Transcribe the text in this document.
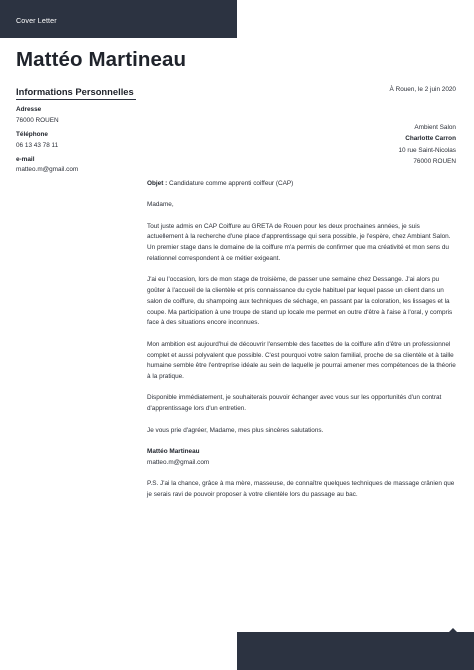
Cover Letter
Mattéo Martineau
Informations Personnelles
Adresse
76000 ROUEN
Téléphone
06 13 43 78 11
e-mail
matteo.m@gmail.com
À Rouen, le 2 juin 2020
Ambient Salon
Charlotte Carron
10 rue Saint-Nicolas
76000 ROUEN

Objet : Candidature comme apprenti coiffeur (CAP)

Madame,

Tout juste admis en CAP Coiffure au GRETA de Rouen pour les deux prochaines années, je suis actuellement à la recherche d'une place d'apprentissage qui sera possible, je l'espère, chez Ambiant Salon. Un premier stage dans le domaine de la coiffure m'a permis de confirmer que ma créativité et mon sens du relationnel correspondent à ce métier exigeant.

J'ai eu l'occasion, lors de mon stage de troisième, de passer une semaine chez Dessange. J'ai alors pu goûter à l'accueil de la clientèle et pris connaissance du cycle habituel par lequel passe un client dans un salon de coiffure, du shampoing aux techniques de séchage, en passant par la coloration, les lissages et la coupe. Ma participation à une troupe de stand up locale me permet en outre d'être à l'aise à l'oral, y compris face à des situations encore inconnues.

Mon ambition est aujourd'hui de découvrir l'ensemble des facettes de la coiffure afin d'être un professionnel complet et aussi polyvalent que possible. C'est pourquoi votre salon familial, proche de sa clientèle et à taille humaine semble être l'entreprise idéale au sein de laquelle je pourrai amener mes compétences de la théorie à la pratique.

Disponible immédiatement, je souhaiterais pouvoir échanger avec vous sur les opportunités d'un contrat d'apprentissage lors d'un entretien.

Je vous prie d'agréer, Madame, mes plus sincères salutations.

Mattéo Martineau

matteo.m@gmail.com

P.S. J'ai la chance, grâce à ma mère, masseuse, de connaître quelques techniques de massage crânien que je serais ravi de pouvoir proposer à votre clientèle lors du passage au bac.
